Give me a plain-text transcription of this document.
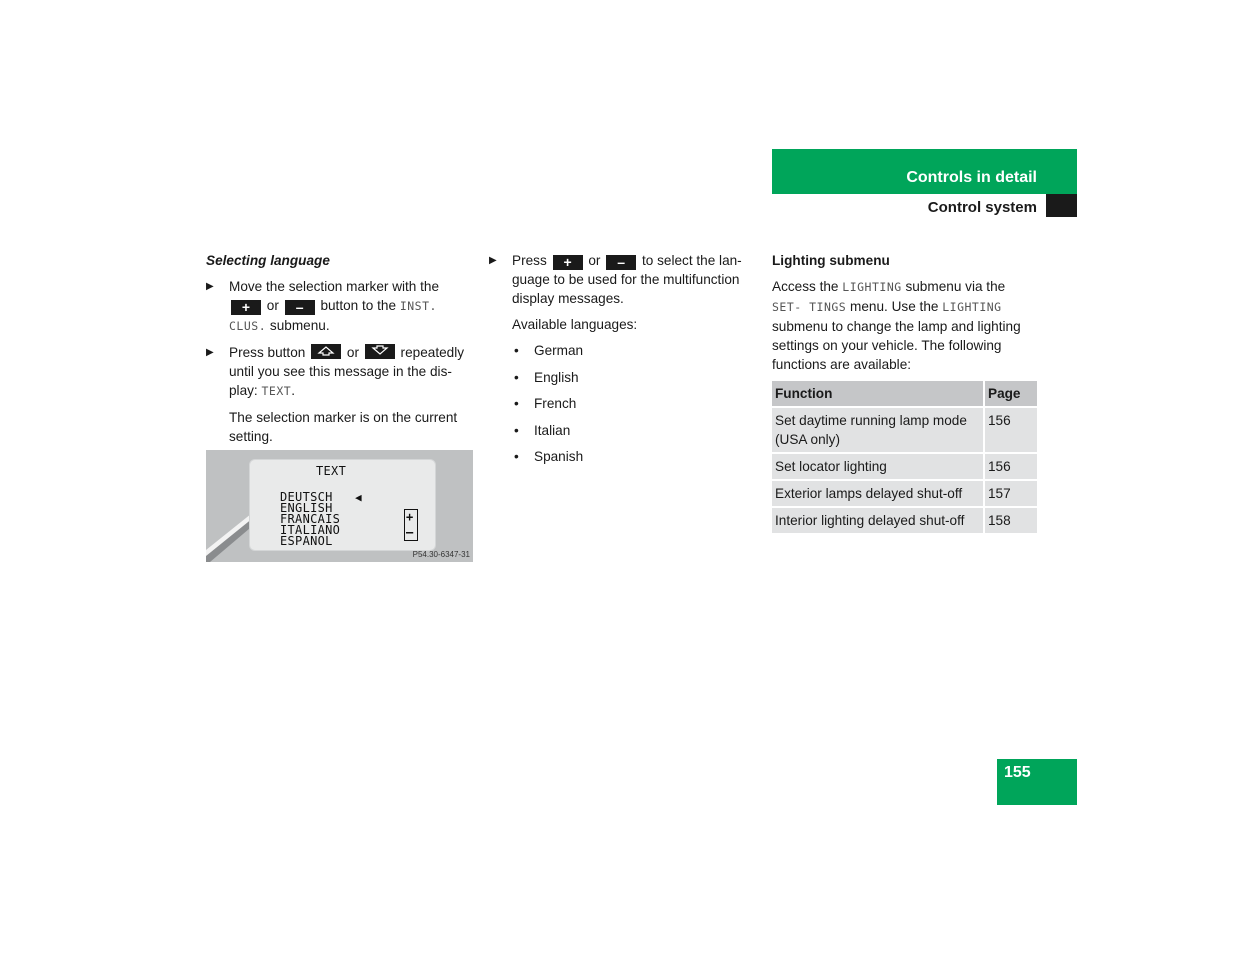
Controls in detail
Control system
Selecting language
▶ Move the selection marker with the + or – button to the INST. CLUS. submenu.
▶ Press button	or	repeatedly until you see this message in the dis- play: TEXT.
The selection marker is on the current setting.
TEXT
DEUTSCH
ENGLISH
FRANCAIS
ITALIANO
ESPANOL
◀
+
–
P54.30-6347-31
▶ Press + or – to select the lan- guage to be used for the multifunction display messages.
Available languages:
• German
• English
• French
• Italian
• Spanish
Lighting submenu
Access the LIGHTING submenu via the SET- TINGS menu. Use the LIGHTING submenu to change the lamp and lighting settings on your vehicle. The following functions are available:
Function	Page
Set daytime running lamp mode (USA only)	156
Set locator lighting	156
Exterior lamps delayed shut-off	157
Interior lighting delayed shut-off	158
155
